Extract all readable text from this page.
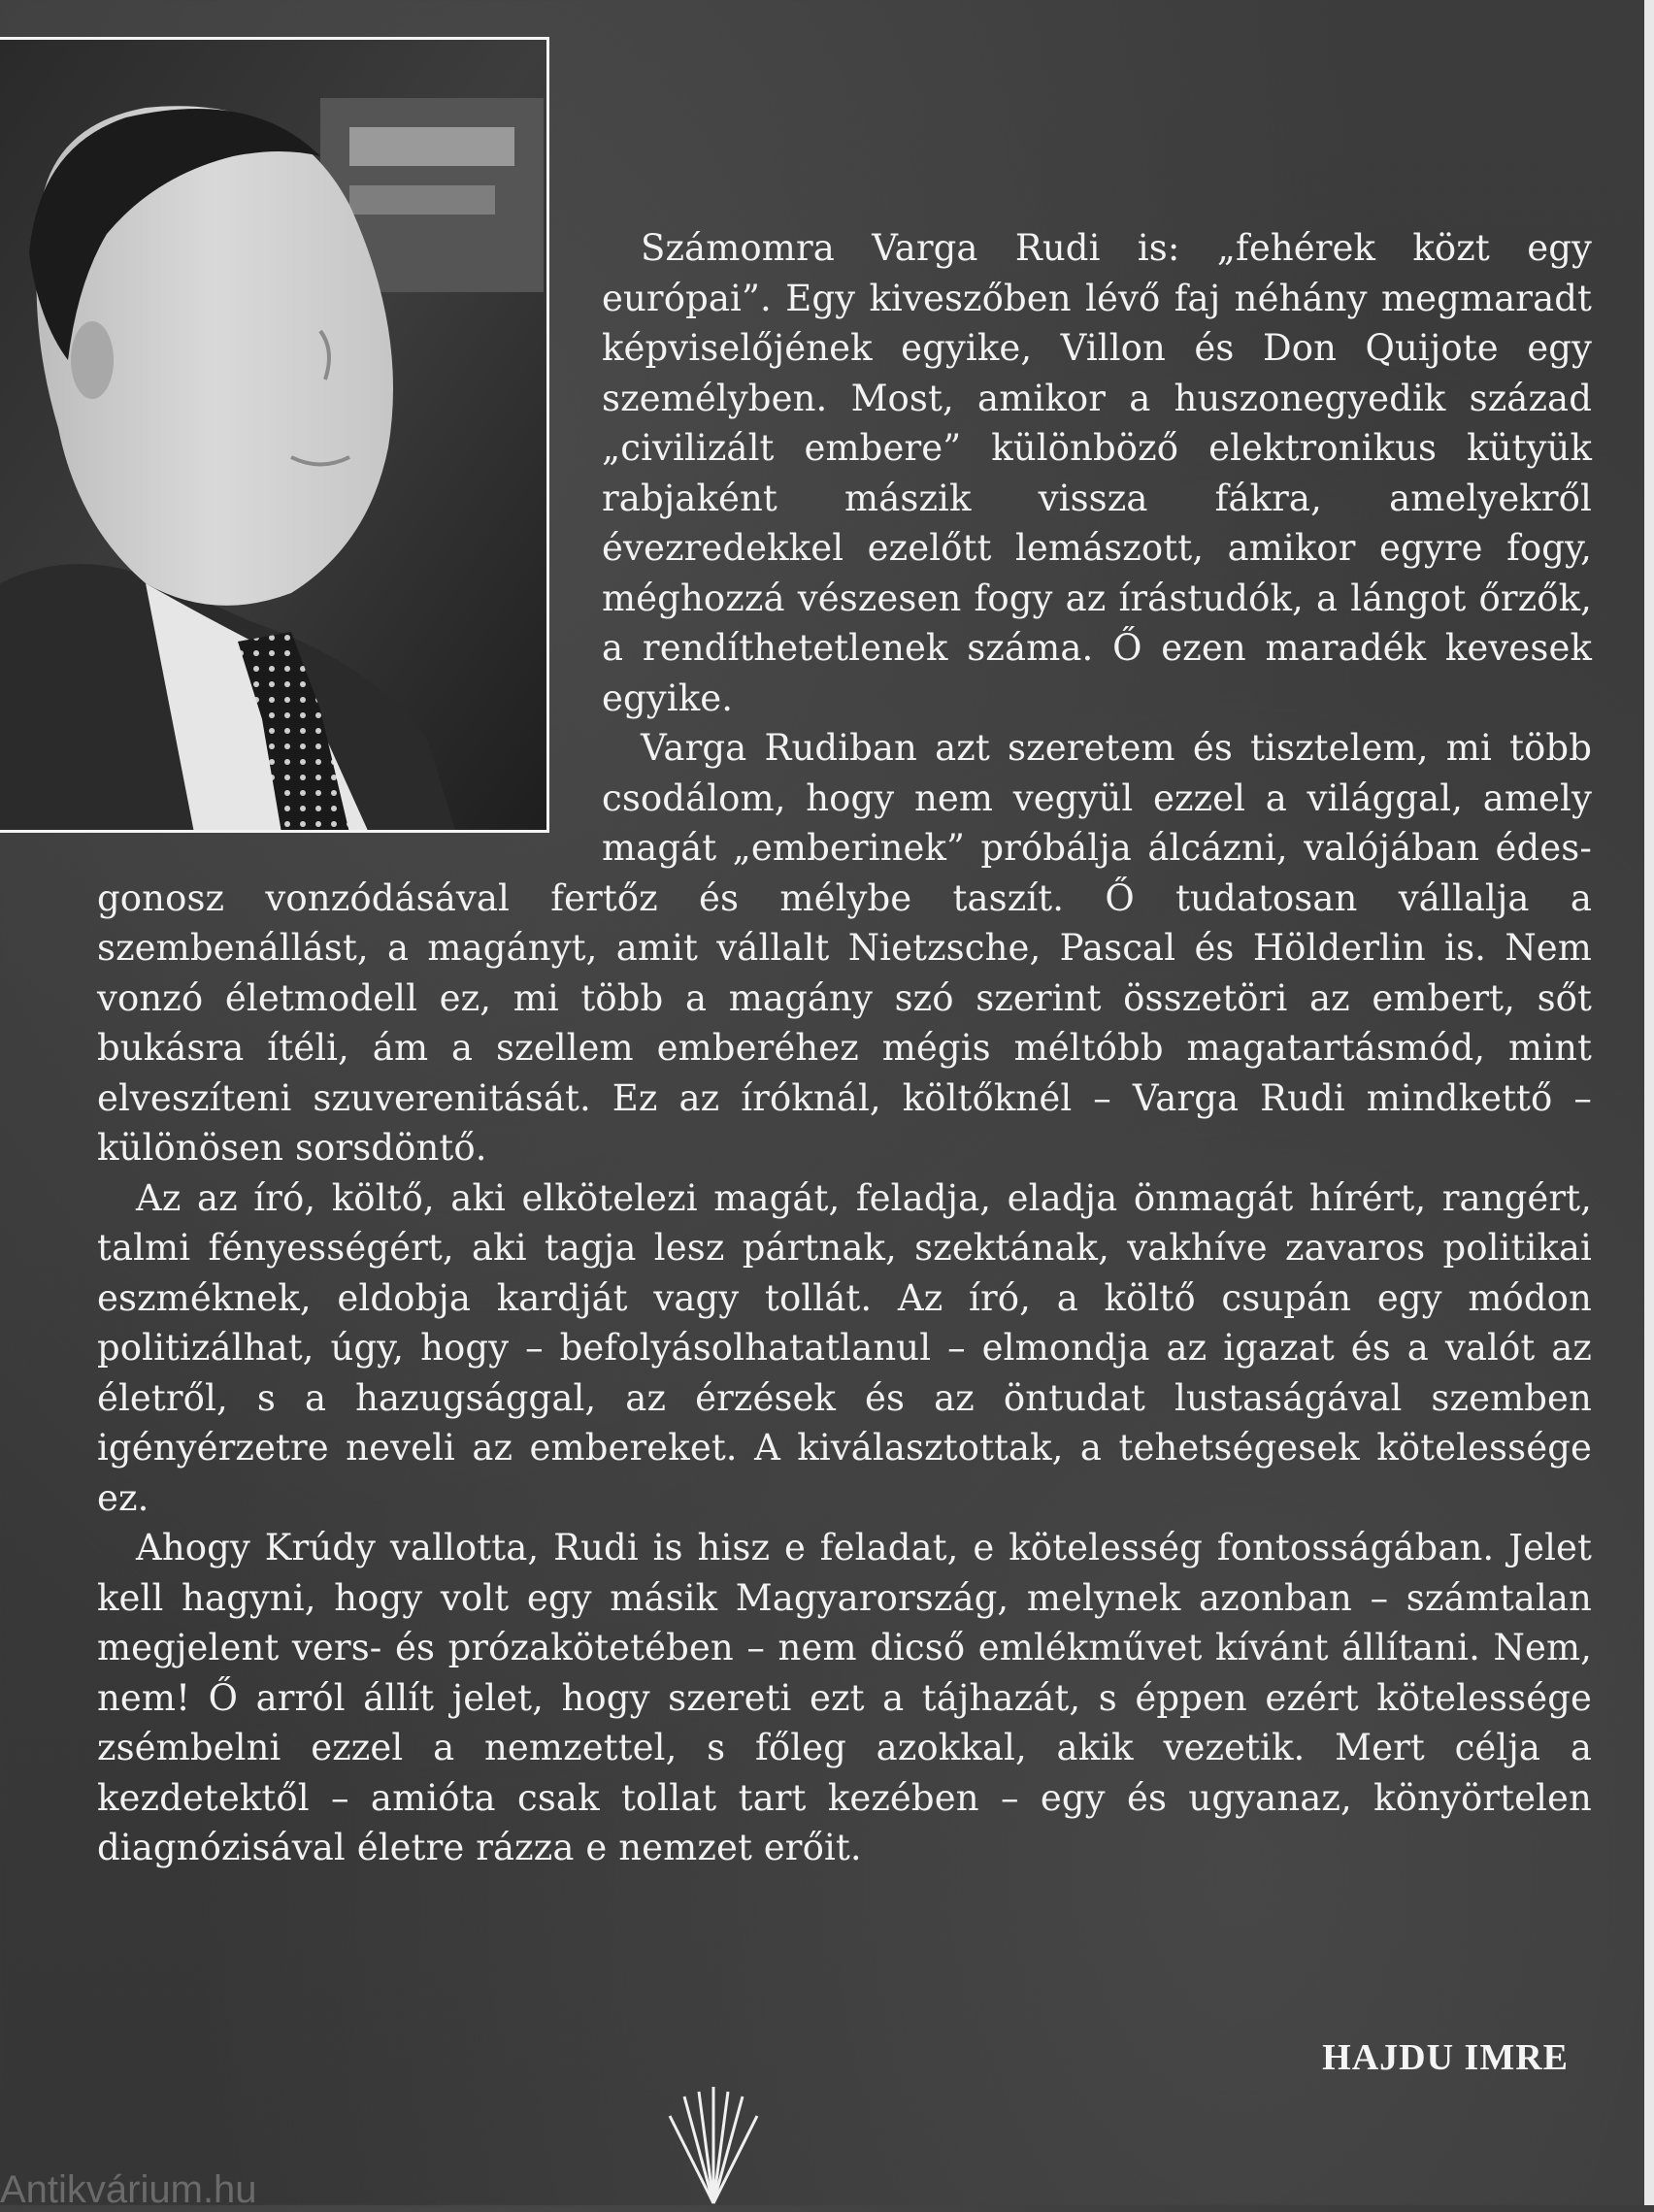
Számomra Varga Rudi is: „fehérek közt egy európai”. Egy kiveszőben lévő faj néhány megmaradt képviselőjének egyike, Villon és Don Quijote egy személyben. Most, amikor a huszonegyedik század „civilizált embere” különböző elektronikus kütyük rabjaként mászik vissza fákra, amelyekről évezredekkel ezelőtt lemászott, amikor egyre fogy, méghozzá vészesen fogy az írástudók, a lángot őrzők, a rendíthetetlenek száma. Ő ezen maradék kevesek egyike.

Varga Rudiban azt szeretem és tisztelem, mi több csodálom, hogy nem vegyül ezzel a világgal, amely magát „emberinek” próbálja álcázni, valójában édes-gonosz vonzódásával fertőz és mélybe taszít. Ő tudatosan vállalja a szembenállást, a magányt, amit vállalt Nietzsche, Pascal és Hölderlin is. Nem vonzó életmodell ez, mi több a magány szó szerint összetöri az embert, sőt bukásra ítéli, ám a szellem emberéhez mégis méltóbb magatartásmód, mint elveszíteni szuverenitását. Ez az íróknál, költőknél – Varga Rudi mindkettő – különösen sorsdöntő.

Az az író, költő, aki elkötelezi magát, feladja, eladja önmagát hírért, rangért, talmi fényességért, aki tagja lesz pártnak, szektának, vakhíve zavaros politikai eszméknek, eldobja kardját vagy tollát. Az író, a költő csupán egy módon politizálhat, úgy, hogy – befolyásolhatatlanul – elmondja az igazat és a valót az életről, s a hazugsággal, az érzések és az öntudat lustaságával szemben igényérzetre neveli az embereket. A kiválasztottak, a tehetségesek kötelessége ez.

Ahogy Krúdy vallotta, Rudi is hisz e feladat, e kötelesség fontosságában. Jelet kell hagyni, hogy volt egy másik Magyarország, melynek azonban – számtalan megjelent vers- és prózakötetében – nem dicső emlékművet kívánt állítani. Nem, nem! Ő arról állít jelet, hogy szereti ezt a tájhazát, s éppen ezért kötelessége zsémbelni ezzel a nemzettel, s főleg azokkal, akik vezetik. Mert célja a kezdetektől – amióta csak tollat tart kezében – egy és ugyanaz, könyörtelen diagnózisával életre rázza e nemzet erőit.

HAJDU IMRE
Antikvárium.hu
